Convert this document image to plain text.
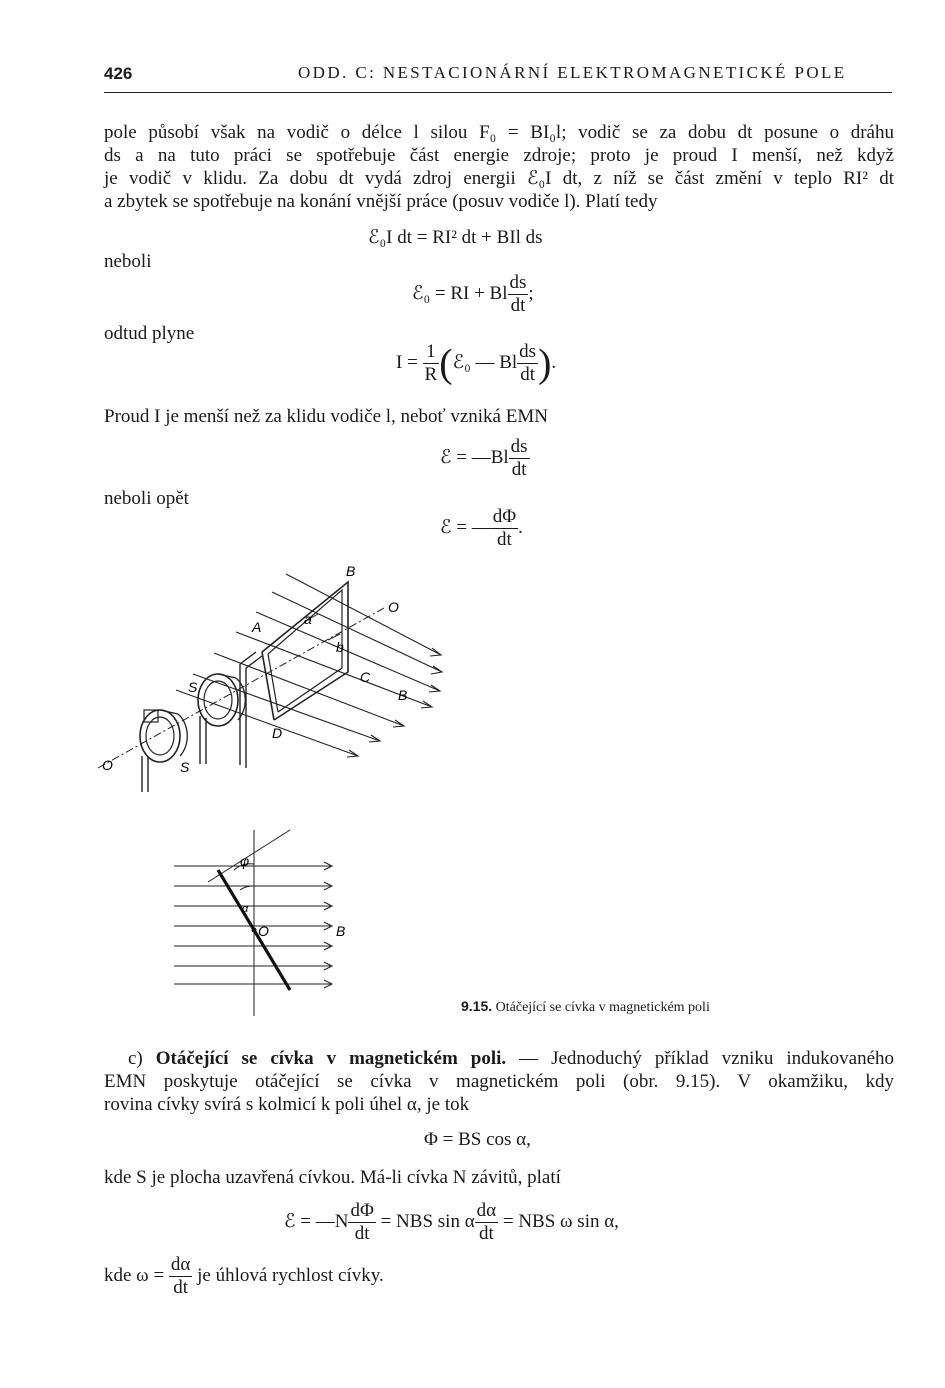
426	ODD. C: NESTACIONÁRNÍ ELEKTROMAGNETICKÉ POLE
pole působí však na vodič o délce l silou F₀ = BI₀l; vodič se za dobu dt posune o dráhu
ds a na tuto práci se spotřebuje část energie zdroje; proto je proud I menší, než když
je vodič v klidu. Za dobu dt vydá zdroj energii ℰ₀I dt, z níž se část změní v teplo RI² dt
a zbytek se spotřebuje na konání vnější práce (posuv vodiče l). Platí tedy
ℰ₀I dt = RI² dt + BIl ds
neboli
ℰ₀ = RI + Bl $\frac{ds}{dt}$ ;
odtud plyne
$I = \frac{1}{R}$ (ℰ₀ — Bl $\frac{ds}{dt}$ ).
Proud I je menší než za klidu vodiče l, neboť vzniká EMN
ℰ = —Bl $\frac{ds}{dt}$
neboli opět
ℰ = — $\frac{d\Phi}{dt}$ .
B
O
A	a
b
C
B
S
D
O	S
φ
α
O	B
9.15. Otáčející se cívka v magnetickém poli
c) Otáčející se cívka v magnetickém poli. — Jednoduchý příklad vzniku indukovaného
EMN poskytuje otáčející se cívka v magnetickém poli (obr. 9.15). V okamžiku, kdy
rovina cívky svírá s kolmicí k poli úhel α, je tok
Φ = BS cos α,
kde S je plocha uzavřená cívkou. Má-li cívka N závitů, platí
ℰ = —N $\frac{d\Phi}{dt}$ = NBS sin α $\frac{d\alpha}{dt}$ = NBS ω sin α,
kde $\omega = \frac{d\alpha}{dt}$ je úhlová rychlost cívky.
